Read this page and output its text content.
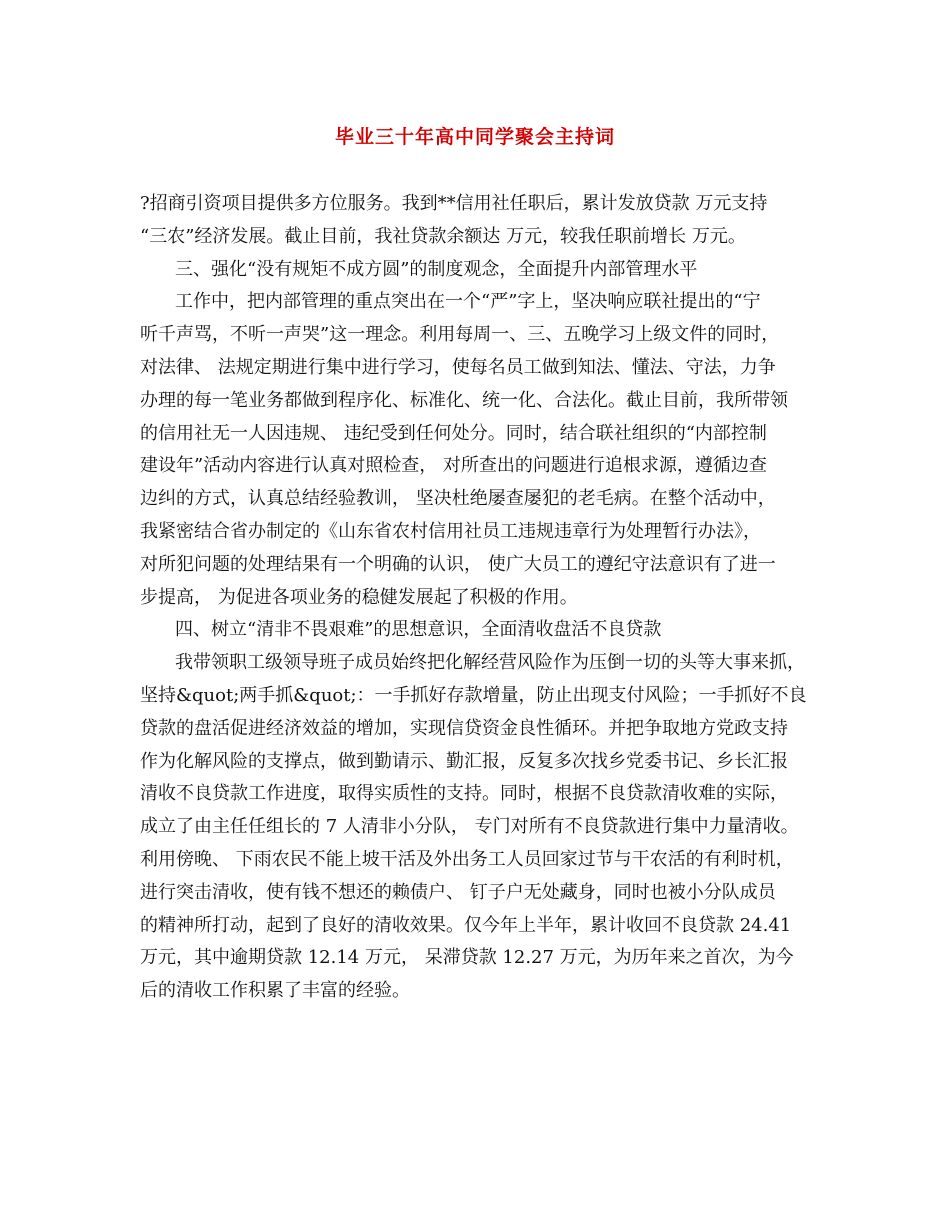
毕业三十年高中同学聚会主持词
?招商引资项目提供多方位服务。我到**信用社任职后，累计发放贷款 万元支持
“三农”经济发展。截止目前，我社贷款余额达 万元，较我任职前增长 万元。
三、强化“没有规矩不成方圆”的制度观念，全面提升内部管理水平
工作中，把内部管理的重点突出在一个“严”字上，坚决响应联社提出的“宁
听千声骂，不听一声哭”这一理念。利用每周一、三、五晚学习上级文件的同时，
对法律、 法规定期进行集中进行学习，使每名员工做到知法、懂法、守法，力争
办理的每一笔业务都做到程序化、标准化、统一化、合法化。截止目前，我所带领
的信用社无一人因违规、 违纪受到任何处分。同时，结合联社组织的“内部控制
建设年”活动内容进行认真对照检查， 对所查出的问题进行追根求源，遵循边查
边纠的方式，认真总结经验教训， 坚决杜绝屡查屡犯的老毛病。在整个活动中，
我紧密结合省办制定的《山东省农村信用社员工违规违章行为处理暂行办法》，
对所犯问题的处理结果有一个明确的认识， 使广大员工的遵纪守法意识有了进一
步提高， 为促进各项业务的稳健发展起了积极的作用。
四、树立“清非不畏艰难”的思想意识，全面清收盘活不良贷款
我带领职工级领导班子成员始终把化解经营风险作为压倒一切的头等大事来抓，
坚持&quot;两手抓&quot;：一手抓好存款增量，防止出现支付风险；一手抓好不良
贷款的盘活促进经济效益的增加，实现信贷资金良性循环。并把争取地方党政支持
作为化解风险的支撑点，做到勤请示、勤汇报，反复多次找乡党委书记、乡长汇报
清收不良贷款工作进度，取得实质性的支持。同时，根据不良贷款清收难的实际，
成立了由主任任组长的 7 人清非小分队， 专门对所有不良贷款进行集中力量清收。
利用傍晚、 下雨农民不能上坡干活及外出务工人员回家过节与干农活的有利时机，
进行突击清收，使有钱不想还的赖债户、 钉子户无处藏身，同时也被小分队成员
的精神所打动，起到了良好的清收效果。仅今年上半年，累计收回不良贷款 24.41
万元，其中逾期贷款 12.14 万元， 呆滞贷款 12.27 万元，为历年来之首次，为今
后的清收工作积累了丰富的经验。
